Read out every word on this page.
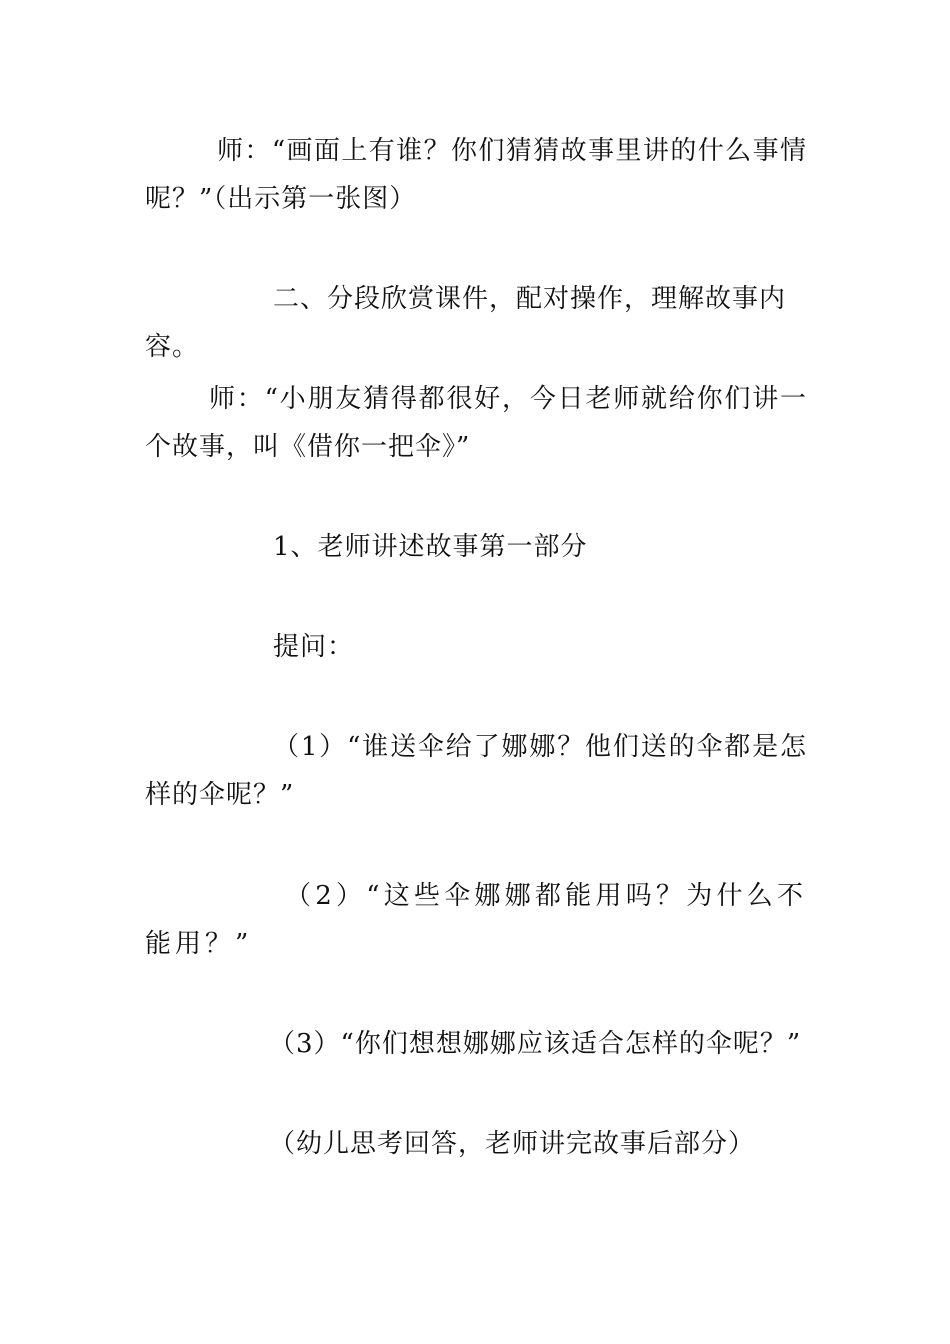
师：“画面上有谁？你们猜猜故事里讲的什么事情呢？”（出示第一张图）

二、分段欣赏课件，配对操作，理解故事内容。

师：“小朋友猜得都很好，今日老师就给你们讲一个故事，叫《借你一把伞》”

1、老师讲述故事第一部分

提问：

（1）“谁送伞给了娜娜？他们送的伞都是怎样的伞呢？”

（2）“这些伞娜娜都能用吗？为什么不能用？”

（3）“你们想想娜娜应该适合怎样的伞呢？”

（幼儿思考回答，老师讲完故事后部分）
